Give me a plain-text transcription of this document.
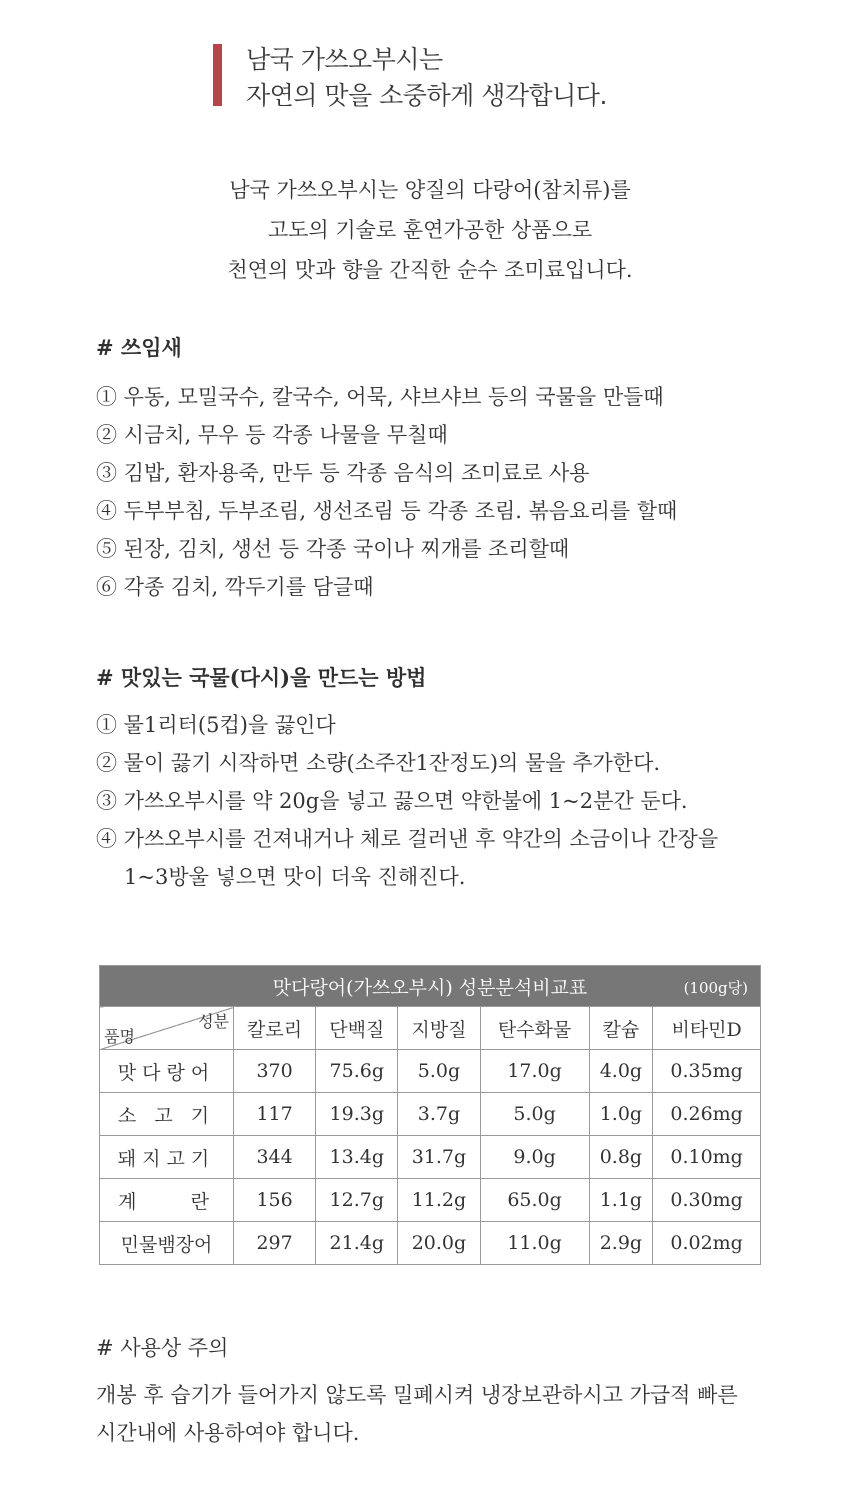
남국 가쓰오부시는
자연의 맛을 소중하게 생각합니다.
남국 가쓰오부시는 양질의 다랑어(참치류)를
고도의 기술로 훈연가공한 상품으로
천연의 맛과 향을 간직한 순수 조미료입니다.
# 쓰임새
① 우동, 모밀국수, 칼국수, 어묵, 샤브샤브 등의 국물을 만들때
② 시금치, 무우 등 각종 나물을 무칠때
③ 김밥, 환자용죽, 만두 등 각종 음식의 조미료로 사용
④ 두부부침, 두부조림, 생선조림 등 각종 조림. 볶음요리를 할때
⑤ 된장, 김치, 생선 등 각종 국이나 찌개를 조리할때
⑥ 각종 김치, 깍두기를 담글때
# 맛있는 국물(다시)을 만드는 방법
① 물1리터(5컵)을 끓인다
② 물이 끓기 시작하면 소량(소주잔1잔정도)의 물을 추가한다.
③ 가쓰오부시를 약 20g을 넣고 끓으면 약한불에 1~2분간 둔다.
④ 가쓰오부시를 건져내거나 체로 걸러낸 후 약간의 소금이나 간장을 1~3방울 넣으면 맛이 더욱 진해진다.
맛다랑어(가쓰오부시) 성분분석비교표 (100g당)						

성분
품명	칼로리	단백질	지방질	탄수화물	칼슘	비타민D
맛다랑어	370	75.6g	5.0g	17.0g	4.0g	0.35mg
소 고 기	117	19.3g	3.7g	5.0g	1.0g	0.26mg
돼지고기	344	13.4g	31.7g	9.0g	0.8g	0.10mg
계    란	156	12.7g	11.2g	65.0g	1.1g	0.30mg
민물뱀장어	297	21.4g	20.0g	11.0g	2.9g	0.02mg
# 사용상 주의
개봉 후 습기가 들어가지 않도록 밀폐시켜 냉장보관하시고 가급적 빠른 시간내에 사용하여야 합니다.
